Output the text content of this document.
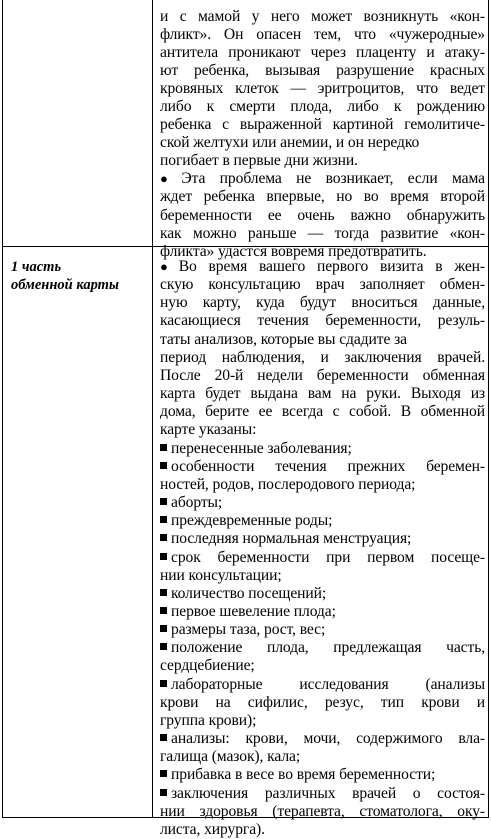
1 часть
обменной карты
и с мамой у него может возникнуть «кон-
фликт». Он опасен тем, что «чужеродные»
антитела проникают через плаценту и атаку-
ют ребенка, вызывая разрушение красных
кровяных клеток — эритроцитов, что ведет
либо к смерти плода, либо к рождению
ребенка с выраженной картиной гемолитиче-
ской желтухи или анемии, и он нередко
погибает в первые дни жизни.
● Эта проблема не возникает, если мама
ждет ребенка впервые, но во время второй
беременности ее очень важно обнаружить
как можно раньше — тогда развитие «кон-
фликта» удастся вовремя предотвратить.
● Во время вашего первого визита в жен-
скую консультацию врач заполняет обмен-
ную карту, куда будут вноситься данные,
касающиеся течения беременности, резуль-
таты анализов, которые вы сдадите за
период наблюдения, и заключения врачей.
После 20-й недели беременности обменная
карта будет выдана вам на руки. Выходя из
дома, берите ее всегда с собой. В обменной
карте указаны:
перенесенные заболевания;
особенности течения прежних беремен-
ностей, родов, послеродового периода;
аборты;
преждевременные роды;
последняя нормальная менструация;
срок беременности при первом посеще-
нии консультации;
количество посещений;
первое шевеление плода;
размеры таза, рост, вес;
положение плода, предлежащая часть,
сердцебиение;
лабораторные исследования (анализы
крови на сифилис, резус, тип крови и
группа крови);
анализы: крови, мочи, содержимого вла-
галища (мазок), кала;
прибавка в весе во время беременности;
заключения различных врачей о состоя-
нии здоровья (терапевта, стоматолога, оку-
листа, хирурга).
